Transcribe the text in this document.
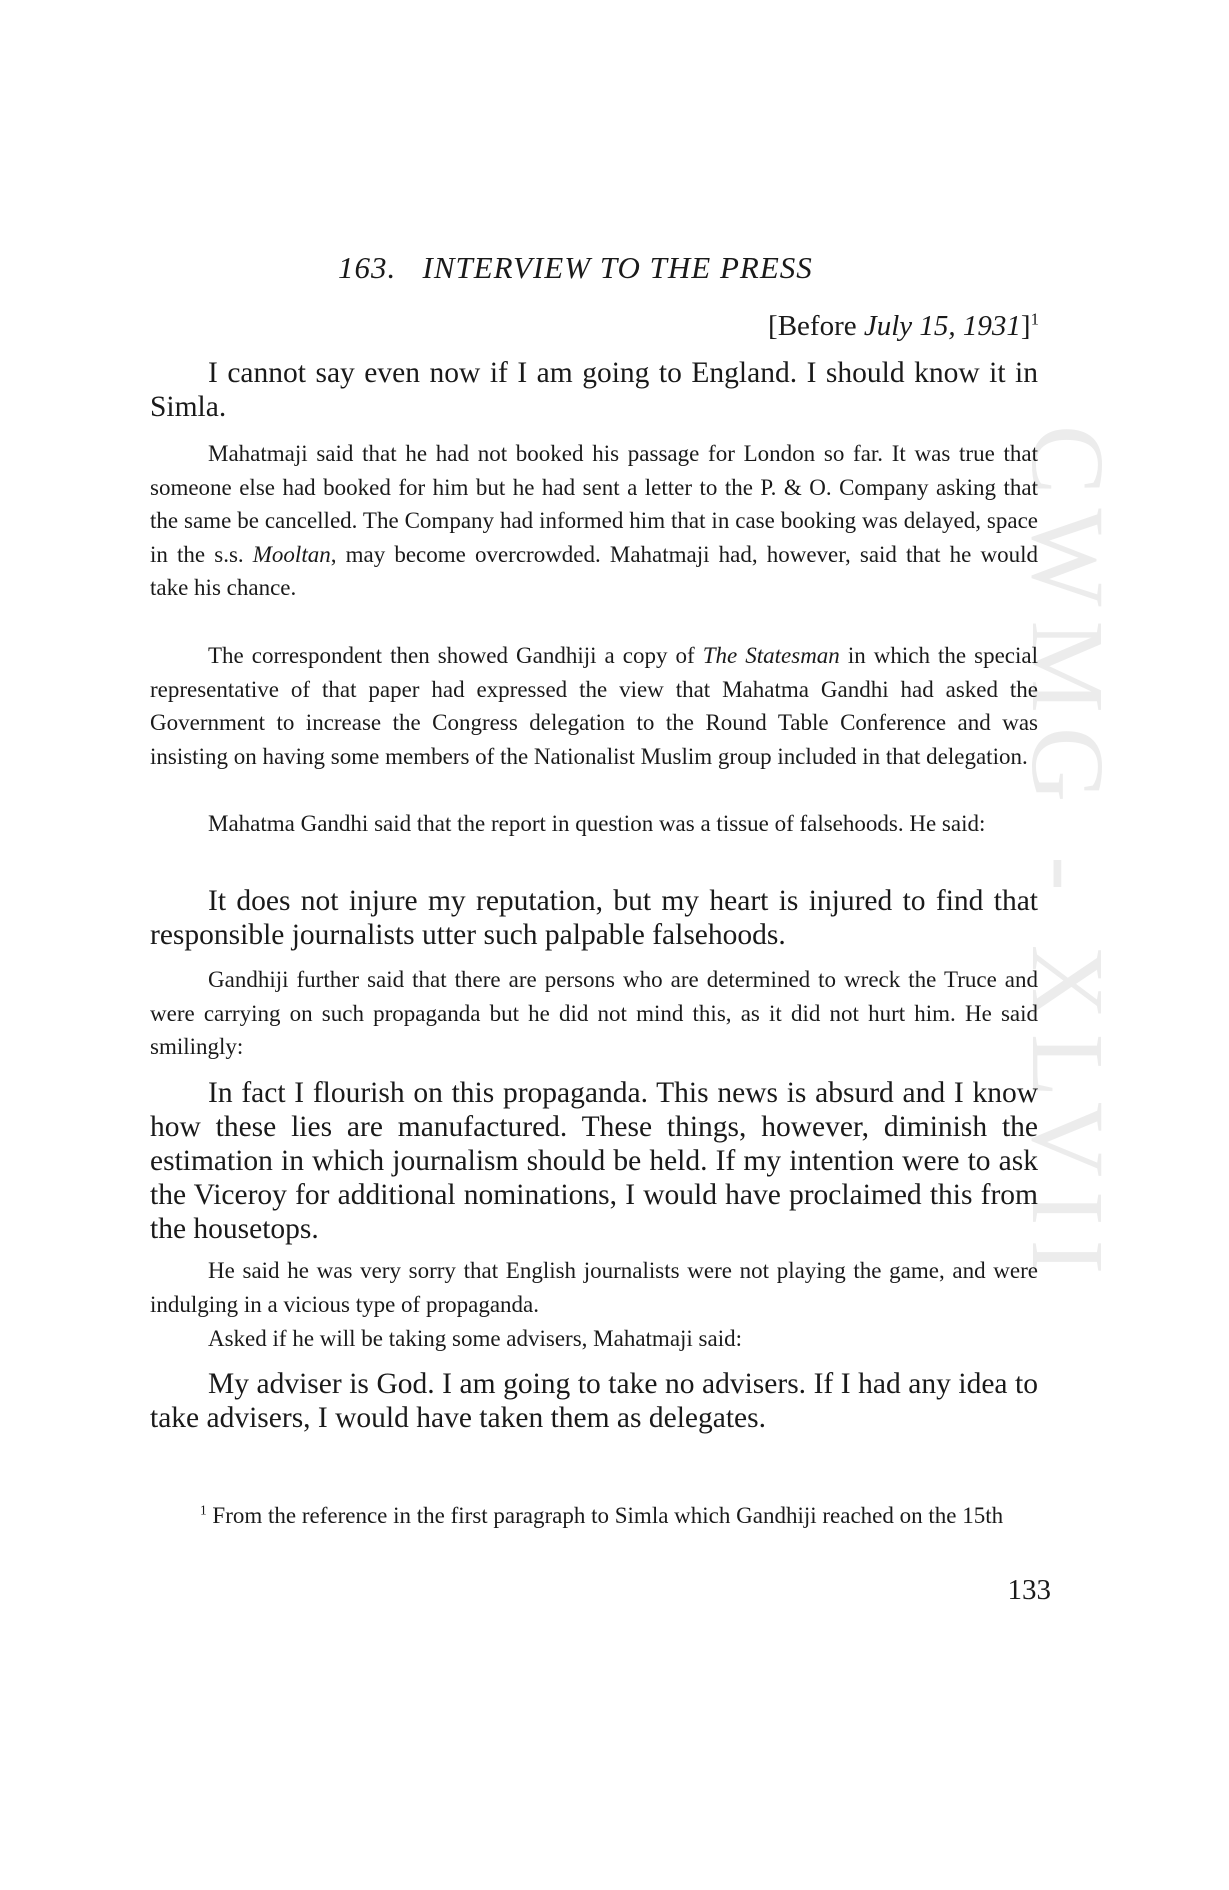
CWMG - XLVII
163. INTERVIEW TO THE PRESS
[Before July 15, 1931]$^1$

I cannot say even now if I am going to England. I should know it in Simla.

Mahatmaji said that he had not booked his passage for London so far. It was true that someone else had booked for him but he had sent a letter to the P. & O. Company asking that the same be cancelled. The Company had informed him that in case booking was delayed, space in the s.s. Mooltan, may become overcrowded. Mahatmaji had, however, said that he would take his chance.

The correspondent then showed Gandhiji a copy of The Statesman in which the special representative of that paper had expressed the view that Mahatma Gandhi had asked the Government to increase the Congress delegation to the Round Table Conference and was insisting on having some members of the Nationalist Muslim group included in that delegation.

Mahatma Gandhi said that the report in question was a tissue of falsehoods. He said:

It does not injure my reputation, but my heart is injured to find that responsible journalists utter such palpable falsehoods.

Gandhiji further said that there are persons who are determined to wreck the Truce and were carrying on such propaganda but he did not mind this, as it did not hurt him. He said smilingly:

In fact I flourish on this propaganda. This news is absurd and I know how these lies are manufactured. These things, however, diminish the estimation in which journalism should be held. If my intention were to ask the Viceroy for additional nominations, I would have proclaimed this from the housetops.

He said he was very sorry that English journalists were not playing the game, and were indulging in a vicious type of propaganda.

Asked if he will be taking some advisers, Mahatmaji said:

My adviser is God. I am going to take no advisers. If I had any idea to take advisers, I would have taken them as delegates.

$^1$ From the reference in the first paragraph to Simla which Gandhiji reached on the 15th

133
